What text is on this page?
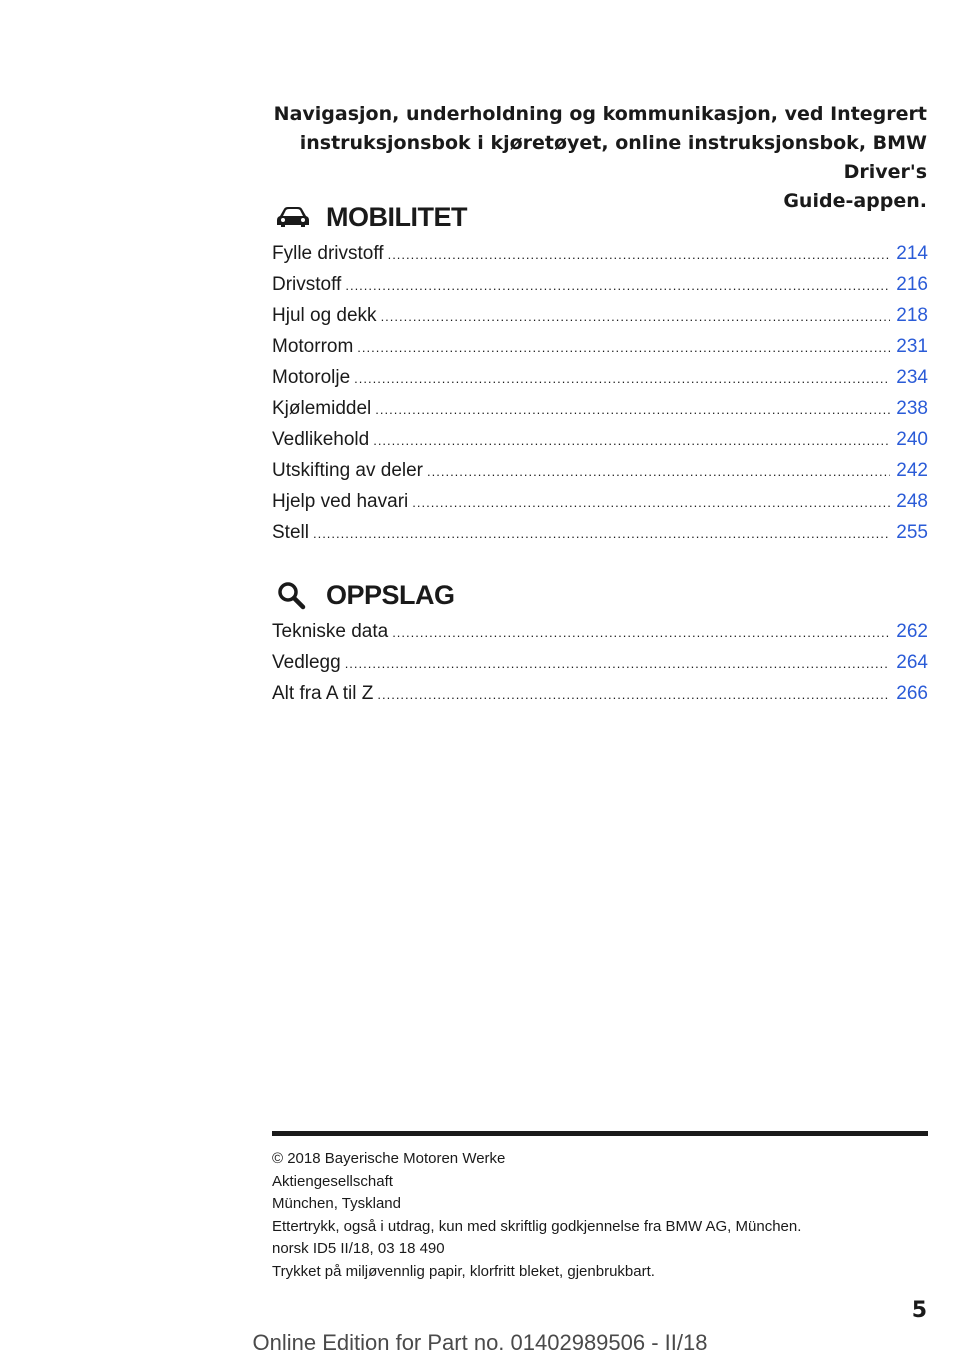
Navigasjon, underholdning og kommunikasjon, ved Integrert
instruksjonsbok i kjøretøyet, online instruksjonsbok, BMW Driver's
Guide-appen.
MOBILITET
Fylle drivstoff .....	214
Drivstoff .....	216
Hjul og dekk .....	218
Motorrom .....	231
Motorolje .....	234
Kjølemiddel .....	238
Vedlikehold .....	240
Utskifting av deler .....	242
Hjelp ved havari .....	248
Stell .....	255
OPPSLAG
Tekniske data .....	262
Vedlegg .....	264
Alt fra A til Z .....	266
© 2018 Bayerische Motoren Werke
Aktiengesellschaft
München, Tyskland
Ettertrykk, også i utdrag, kun med skriftlig godkjennelse fra BMW AG, München.
norsk ID5 II/18, 03 18 490
Trykket på miljøvennlig papir, klorfritt bleket, gjenbrukbart.
5
Online Edition for Part no. 01402989506 - II/18
